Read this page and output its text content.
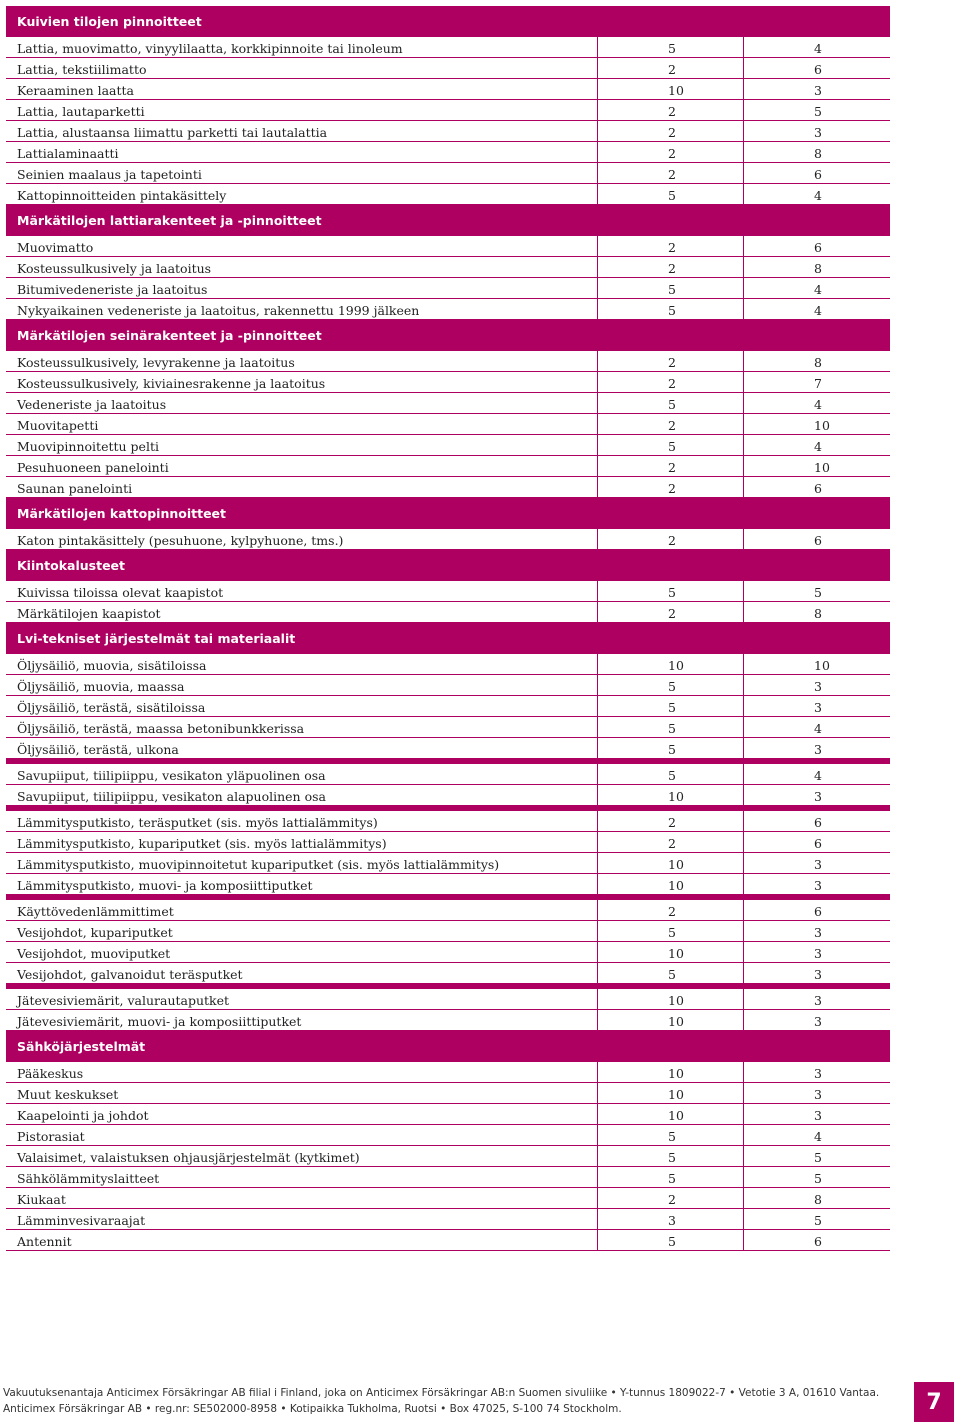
Kuivien tilojen pinnoitteet
Lattia, muovimatto, vinyylilaatta, korkkipinnoite tai linoleum	5	4
Lattia, tekstiilimatto	2	6
Keraaminen laatta	10	3
Lattia, lautaparketti	2	5
Lattia, alustaansa liimattu parketti tai lautalattia	2	3
Lattialaminaatti	2	8
Seinien maalaus ja tapetointi	2	6
Kattopinnoitteiden pintakäsittely	5	4
Märkätilojen lattiarakenteet ja -pinnoitteet
Muovimatto	2	6
Kosteussulkusively ja laatoitus	2	8
Bitumivedeneriste ja laatoitus	5	4
Nykyaikainen vedeneriste ja laatoitus, rakennettu 1999 jälkeen	5	4
Märkätilojen seinärakenteet ja -pinnoitteet
Kosteussulkusively, levyrakenne ja laatoitus	2	8
Kosteussulkusively, kiviainesrakenne ja laatoitus	2	7
Vedeneriste ja laatoitus	5	4
Muovitapetti	2	10
Muovipinnoitettu pelti	5	4
Pesuhuoneen panelointi	2	10
Saunan panelointi	2	6
Märkätilojen kattopinnoitteet
Katon pintakäsittely (pesuhuone, kylpyhuone, tms.)	2	6
Kiintokalusteet
Kuivissa tiloissa olevat kaapistot	5	5
Märkätilojen kaapistot	2	8
Lvi-tekniset järjestelmät tai materiaalit
Öljysäiliö, muovia, sisätiloissa	10	10
Öljysäiliö, muovia, maassa	5	3
Öljysäiliö, terästä, sisätiloissa	5	3
Öljysäiliö, terästä, maassa betonibunkkerissa	5	4
Öljysäiliö, terästä, ulkona	5	3
Savupiiput, tiilipiippu, vesikaton yläpuolinen osa	5	4
Savupiiput, tiilipiippu, vesikaton alapuolinen osa	10	3
Lämmitysputkisto, teräsputket (sis. myös lattialämmitys)	2	6
Lämmitysputkisto, kupariputket (sis. myös lattialämmitys)	2	6
Lämmitysputkisto, muovipinnoitetut kupariputket (sis. myös lattialämmitys)	10	3
Lämmitysputkisto, muovi- ja komposiittiputket	10	3
Käyttövedenlämmittimet	2	6
Vesijohdot, kupariputket	5	3
Vesijohdot, muoviputket	10	3
Vesijohdot, galvanoidut teräsputket	5	3
Jätevesiviemärit, valurautaputket	10	3
Jätevesiviemärit, muovi- ja komposiittiputket	10	3
Sähköjärjestelmät
Pääkeskus	10	3
Muut keskukset	10	3
Kaapelointi ja johdot	10	3
Pistorasiat	5	4
Valaisimet, valaistuksen ohjausjärjestelmät (kytkimet)	5	5
Sähkölämmityslaitteet	5	5
Kiukaat	2	8
Lämminvesivaraajat	3	5
Antennit	5	6
Vakuutuksenantaja Anticimex Försäkringar AB filial i Finland, joka on Anticimex Försäkringar AB:n Suomen sivuliike • Y-tunnus 1809022-7 • Vetotie 3 A, 01610 Vantaa.
Anticimex Försäkringar AB • reg.nr: SE502000-8958 • Kotipaikka Tukholma, Ruotsi • Box 47025, S-100 74 Stockholm.	7
